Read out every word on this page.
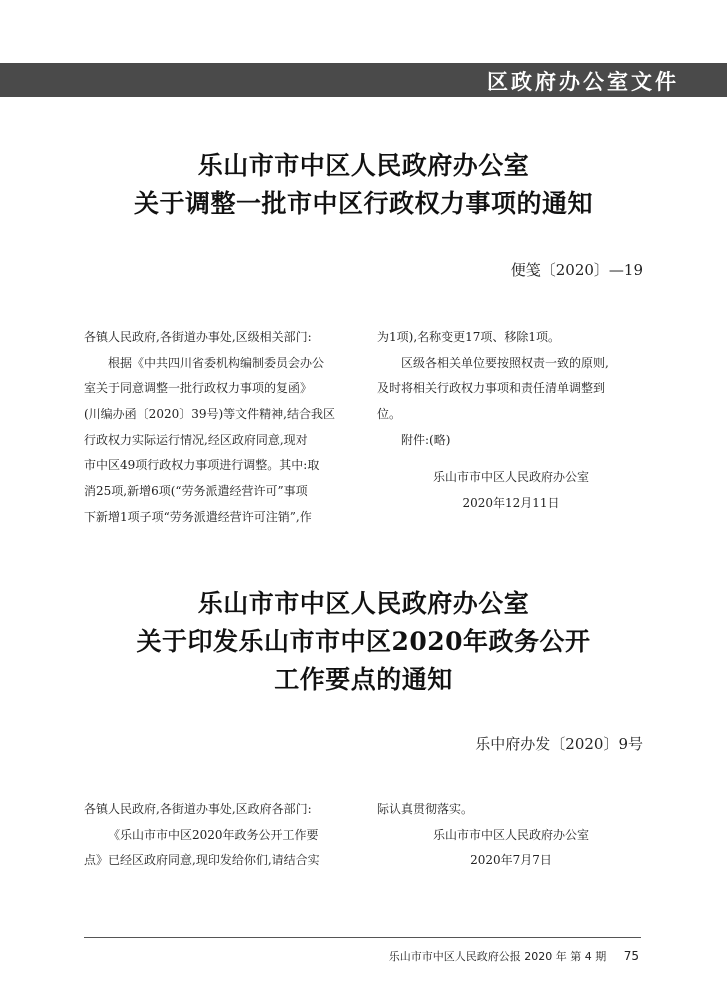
区政府办公室文件
乐山市市中区人民政府办公室
关于调整一批市中区行政权力事项的通知
便笺〔2020〕—19
各镇人民政府,各街道办事处,区级相关部门:
根据《中共四川省委机构编制委员会办公
室关于同意调整一批行政权力事项的复函》
(川编办函〔2020〕39号)等文件精神,结合我区
行政权力实际运行情况,经区政府同意,现对
市中区49项行政权力事项进行调整。其中:取
消25项,新增6项(“劳务派遣经营许可”事项
下新增1项子项“劳务派遣经营许可注销”,作
为1项),名称变更17项、移除1项。
区级各相关单位要按照权责一致的原则,
及时将相关行政权力事项和责任清单调整到
位。
附件:(略)
乐山市市中区人民政府办公室
2020年12月11日
乐山市市中区人民政府办公室
关于印发乐山市市中区2020年政务公开
工作要点的通知
乐中府办发〔2020〕9号
各镇人民政府,各街道办事处,区政府各部门:
《乐山市市中区2020年政务公开工作要
点》已经区政府同意,现印发给你们,请结合实
际认真贯彻落实。
乐山市市中区人民政府办公室
2020年7月7日
乐山市市中区人民政府公报 2020 年 第 4 期 75
